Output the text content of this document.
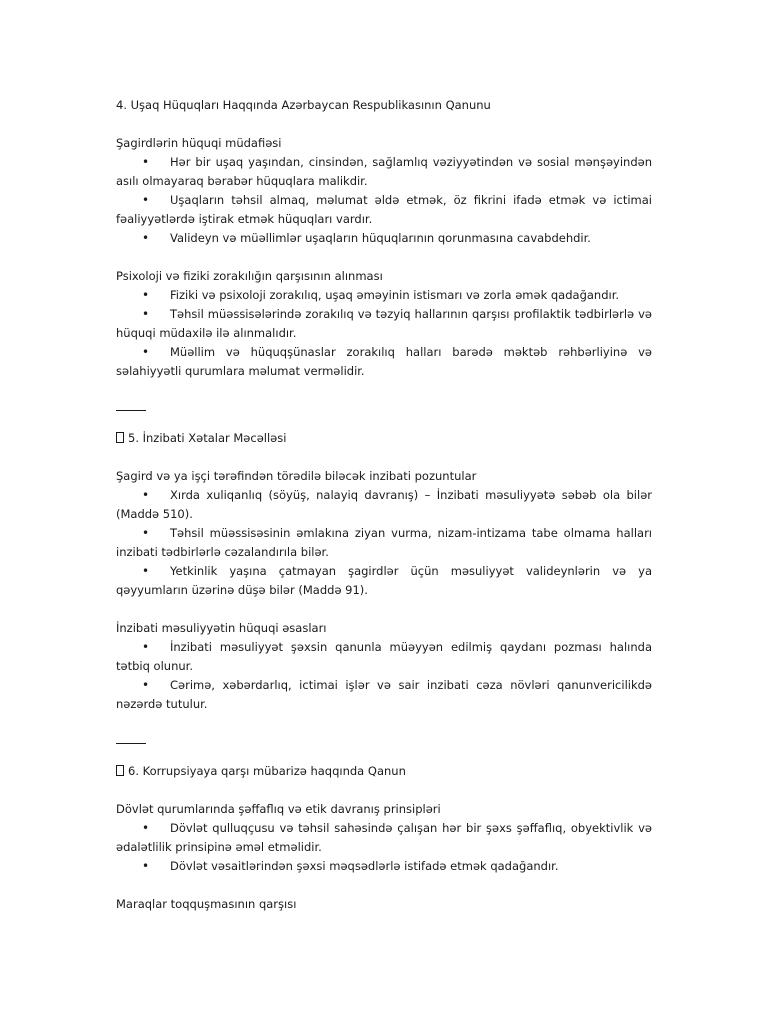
4. Uşaq Hüquqları Haqqında Azərbaycan Respublikasının Qanunu

Şagirdlərin hüquqi müdafiəsi

• Hər bir uşaq yaşından, cinsindən, sağlamlıq vəziyyətindən və sosial mənşəyindən asılı olmayaraq bərabər hüquqlara malikdir.
• Uşaqların təhsil almaq, məlumat əldə etmək, öz fikrini ifadə etmək və ictimai fəaliyyətlərdə iştirak etmək hüquqları vardır.
• Valideyn və müəllimlər uşaqların hüquqlarının qorunmasına cavabdehdir.

Psixoloji və fiziki zorakılığın qarşısının alınması

• Fiziki və psixoloji zorakılıq, uşaq əməyinin istismarı və zorla əmək qadağandır.
• Təhsil müəssisələrində zorakılıq və təzyiq hallarının qarşısı profilaktik tədbirlərlə və hüquqi müdaxilə ilə alınmalıdır.
• Müəllim və hüquqşünaslar zorakılıq halları barədə məktəb rəhbərliyinə və səlahiyyətli qurumlara məlumat verməlidir.

5. İnzibati Xətalar Məcəlləsi

Şagird və ya işçi tərəfindən törədilə biləcək inzibati pozuntular

• Xırda xuliqanlıq (söyüş, nalayiq davranış) – İnzibati məsuliyyətə səbəb ola bilər (Maddə 510).
• Təhsil müəssisəsinin əmlakına ziyan vurma, nizam-intizama tabe olmama halları inzibati tədbirlərlə cəzalandırıla bilər.
• Yetkinlik yaşına çatmayan şagirdlər üçün məsuliyyət valideynlərin və ya qəyyumların üzərinə düşə bilər (Maddə 91).

İnzibati məsuliyyətin hüquqi əsasları

• İnzibati məsuliyyət şəxsin qanunla müəyyən edilmiş qaydanı pozması halında tətbiq olunur.
• Cərimə, xəbərdarlıq, ictimai işlər və sair inzibati cəza növləri qanunvericilikdə nəzərdə tutulur.

6. Korrupsiyaya qarşı mübarizə haqqında Qanun

Dövlət qurumlarında şəffaflıq və etik davranış prinsipləri

• Dövlət qulluqçusu və təhsil sahəsində çalışan hər bir şəxs şəffaflıq, obyektivlik və ədalətlilik prinsipinə əməl etməlidir.
• Dövlət vəsaitlərindən şəxsi məqsədlərlə istifadə etmək qadağandır.

Maraqlar toqquşmasının qarşısı
